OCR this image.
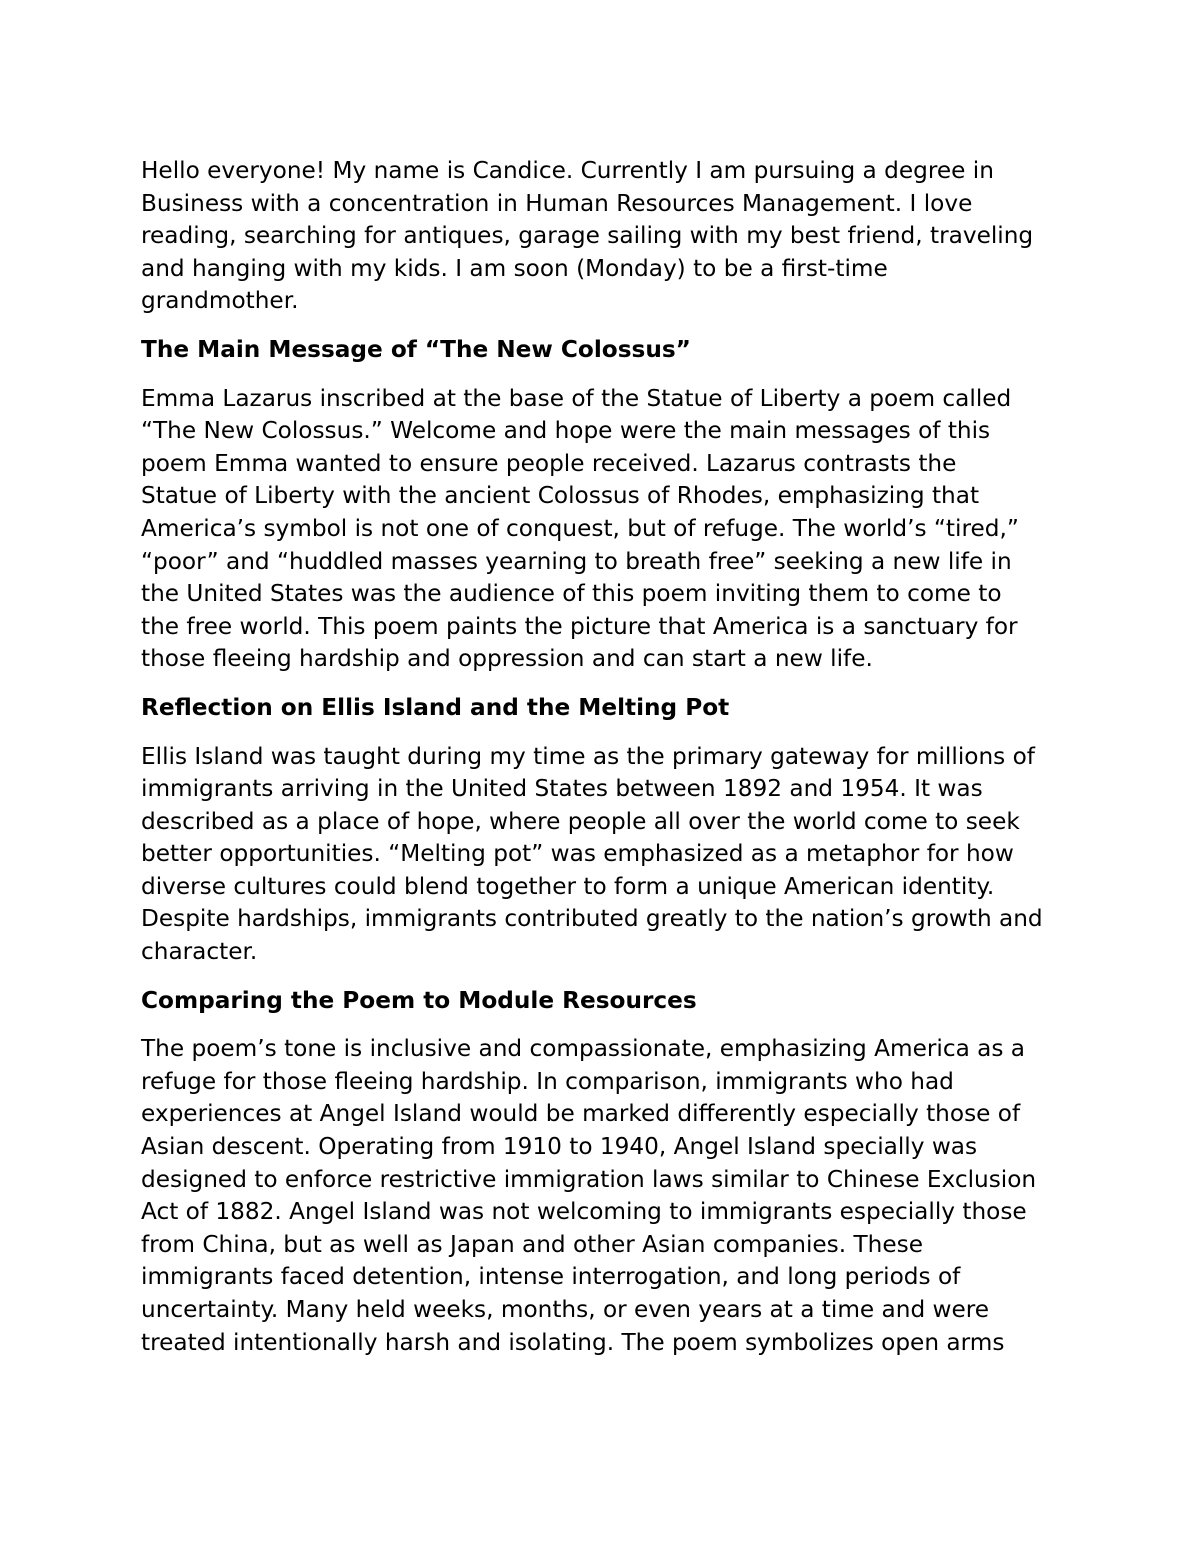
Hello everyone! My name is Candice. Currently I am pursuing a degree in
Business with a concentration in Human Resources Management. I love
reading, searching for antiques, garage sailing with my best friend, traveling
and hanging with my kids. I am soon (Monday) to be a first-time
grandmother.
The Main Message of “The New Colossus”
Emma Lazarus inscribed at the base of the Statue of Liberty a poem called
“The New Colossus.” Welcome and hope were the main messages of this
poem Emma wanted to ensure people received. Lazarus contrasts the
Statue of Liberty with the ancient Colossus of Rhodes, emphasizing that
America’s symbol is not one of conquest, but of refuge. The world’s “tired,”
“poor” and “huddled masses yearning to breath free” seeking a new life in
the United States was the audience of this poem inviting them to come to
the free world. This poem paints the picture that America is a sanctuary for
those fleeing hardship and oppression and can start a new life.
Reflection on Ellis Island and the Melting Pot
Ellis Island was taught during my time as the primary gateway for millions of
immigrants arriving in the United States between 1892 and 1954. It was
described as a place of hope, where people all over the world come to seek
better opportunities. “Melting pot” was emphasized as a metaphor for how
diverse cultures could blend together to form a unique American identity.
Despite hardships, immigrants contributed greatly to the nation’s growth and
character.
Comparing the Poem to Module Resources
The poem’s tone is inclusive and compassionate, emphasizing America as a
refuge for those fleeing hardship. In comparison, immigrants who had
experiences at Angel Island would be marked differently especially those of
Asian descent. Operating from 1910 to 1940, Angel Island specially was
designed to enforce restrictive immigration laws similar to Chinese Exclusion
Act of 1882. Angel Island was not welcoming to immigrants especially those
from China, but as well as Japan and other Asian companies. These
immigrants faced detention, intense interrogation, and long periods of
uncertainty. Many held weeks, months, or even years at a time and were
treated intentionally harsh and isolating. The poem symbolizes open arms
